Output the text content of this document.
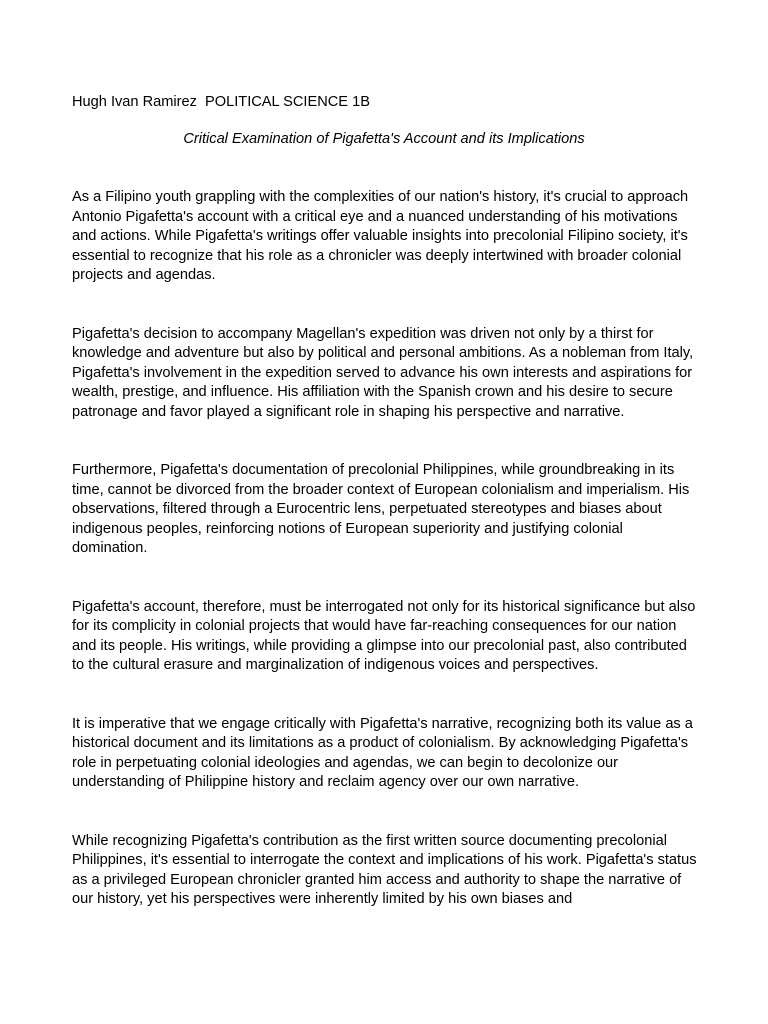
Hugh Ivan Ramirez  POLITICAL SCIENCE 1B

Critical Examination of Pigafetta's Account and its Implications

As a Filipino youth grappling with the complexities of our nation's history, it's crucial to approach Antonio Pigafetta's account with a critical eye and a nuanced understanding of his motivations and actions. While Pigafetta's writings offer valuable insights into precolonial Filipino society, it's essential to recognize that his role as a chronicler was deeply intertwined with broader colonial projects and agendas.

Pigafetta's decision to accompany Magellan's expedition was driven not only by a thirst for knowledge and adventure but also by political and personal ambitions. As a nobleman from Italy, Pigafetta's involvement in the expedition served to advance his own interests and aspirations for wealth, prestige, and influence. His affiliation with the Spanish crown and his desire to secure patronage and favor played a significant role in shaping his perspective and narrative.

Furthermore, Pigafetta's documentation of precolonial Philippines, while groundbreaking in its time, cannot be divorced from the broader context of European colonialism and imperialism. His observations, filtered through a Eurocentric lens, perpetuated stereotypes and biases about indigenous peoples, reinforcing notions of European superiority and justifying colonial domination.

Pigafetta's account, therefore, must be interrogated not only for its historical significance but also for its complicity in colonial projects that would have far-reaching consequences for our nation and its people. His writings, while providing a glimpse into our precolonial past, also contributed to the cultural erasure and marginalization of indigenous voices and perspectives.

It is imperative that we engage critically with Pigafetta's narrative, recognizing both its value as a historical document and its limitations as a product of colonialism. By acknowledging Pigafetta's role in perpetuating colonial ideologies and agendas, we can begin to decolonize our understanding of Philippine history and reclaim agency over our own narrative.

While recognizing Pigafetta's contribution as the first written source documenting precolonial Philippines, it's essential to interrogate the context and implications of his work. Pigafetta's status as a privileged European chronicler granted him access and authority to shape the narrative of our history, yet his perspectives were inherently limited by his own biases and
